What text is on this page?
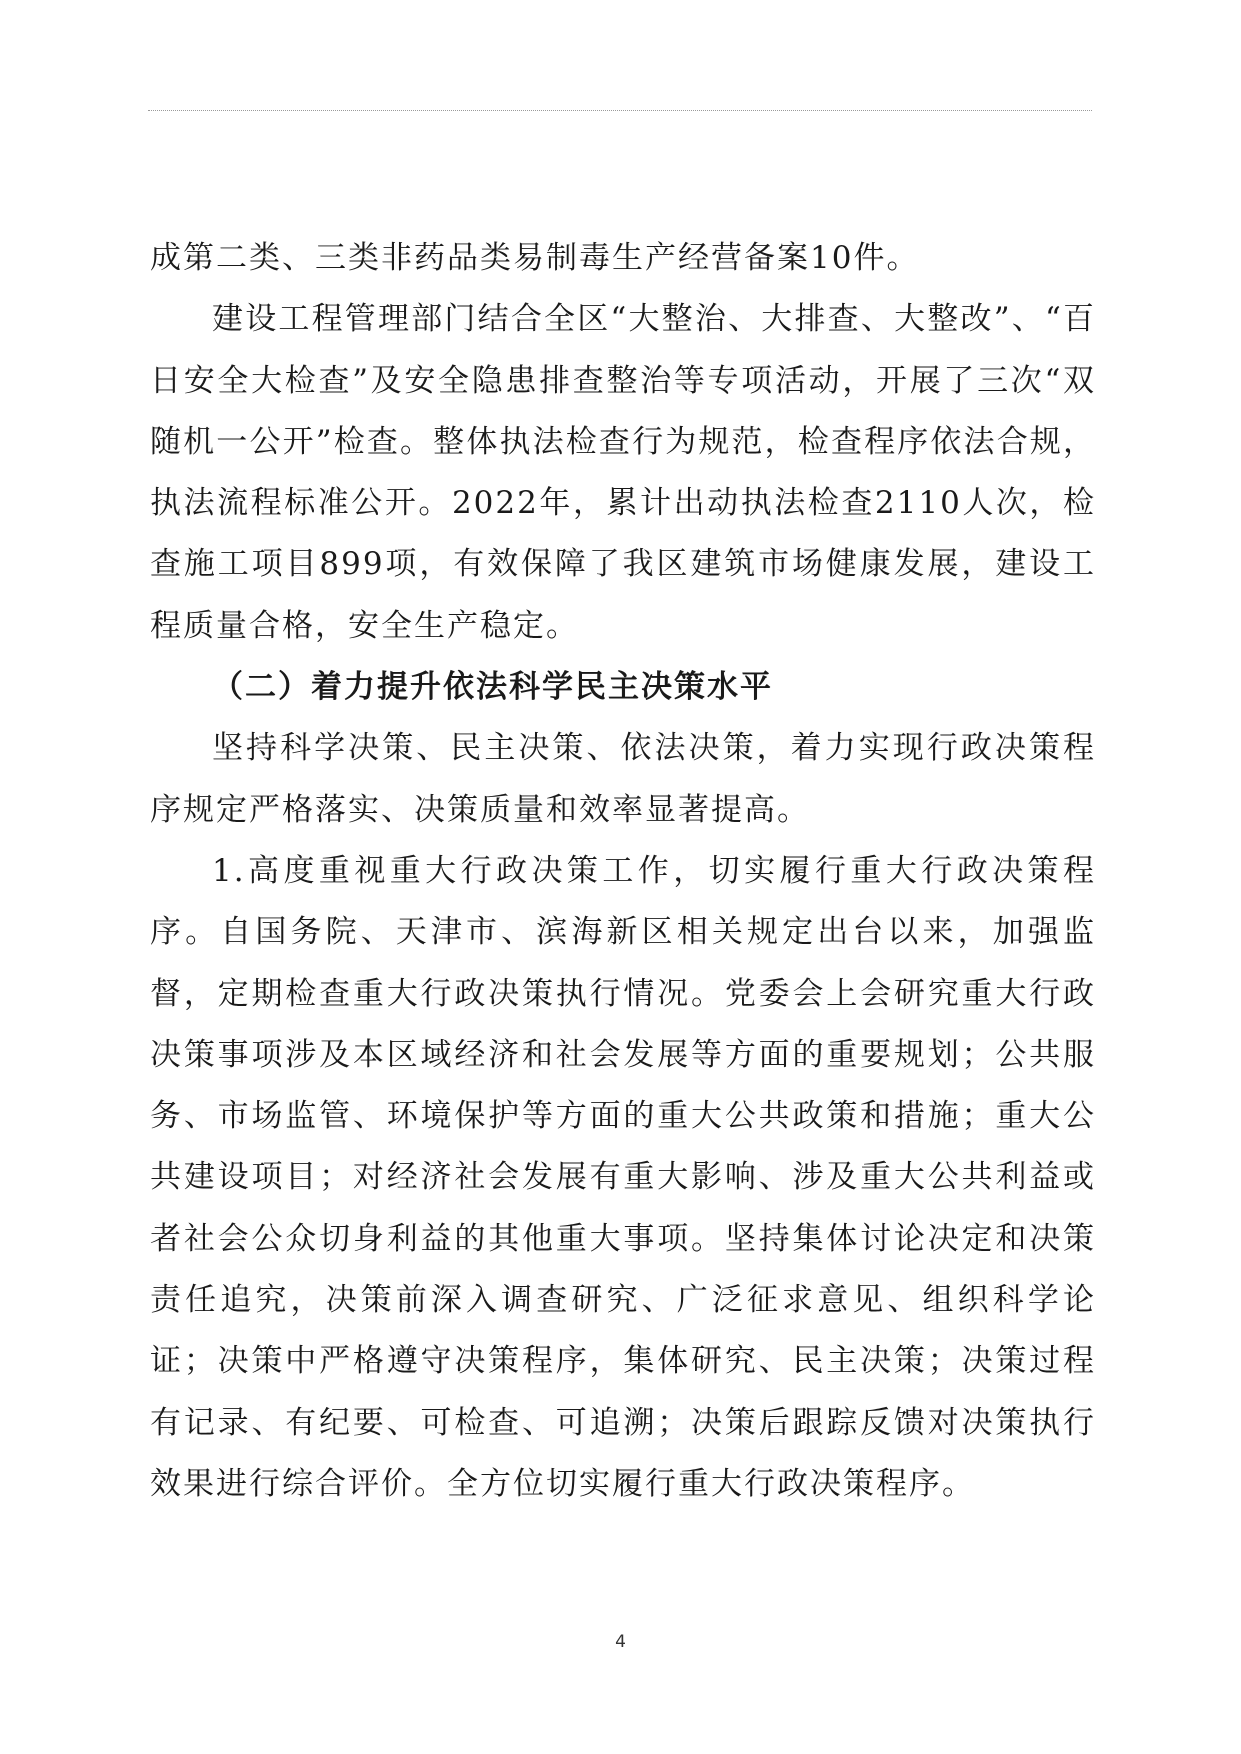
成第二类、三类非药品类易制毒生产经营备案10件。

建设工程管理部门结合全区“大整治、大排查、大整改”、“百日安全大检查”及安全隐患排查整治等专项活动，开展了三次“双随机一公开”检查。整体执法检查行为规范，检查程序依法合规，执法流程标准公开。2022年，累计出动执法检查2110人次，检查施工项目899项，有效保障了我区建筑市场健康发展，建设工程质量合格，安全生产稳定。

（二）着力提升依法科学民主决策水平

坚持科学决策、民主决策、依法决策，着力实现行政决策程序规定严格落实、决策质量和效率显著提高。

1.高度重视重大行政决策工作，切实履行重大行政决策程序。自国务院、天津市、滨海新区相关规定出台以来，加强监督，定期检查重大行政决策执行情况。党委会上会研究重大行政决策事项涉及本区域经济和社会发展等方面的重要规划；公共服务、市场监管、环境保护等方面的重大公共政策和措施；重大公共建设项目；对经济社会发展有重大影响、涉及重大公共利益或者社会公众切身利益的其他重大事项。坚持集体讨论决定和决策责任追究，决策前深入调查研究、广泛征求意见、组织科学论证；决策中严格遵守决策程序，集体研究、民主决策；决策过程有记录、有纪要、可检查、可追溯；决策后跟踪反馈对决策执行效果进行综合评价。全方位切实履行重大行政决策程序。

4
